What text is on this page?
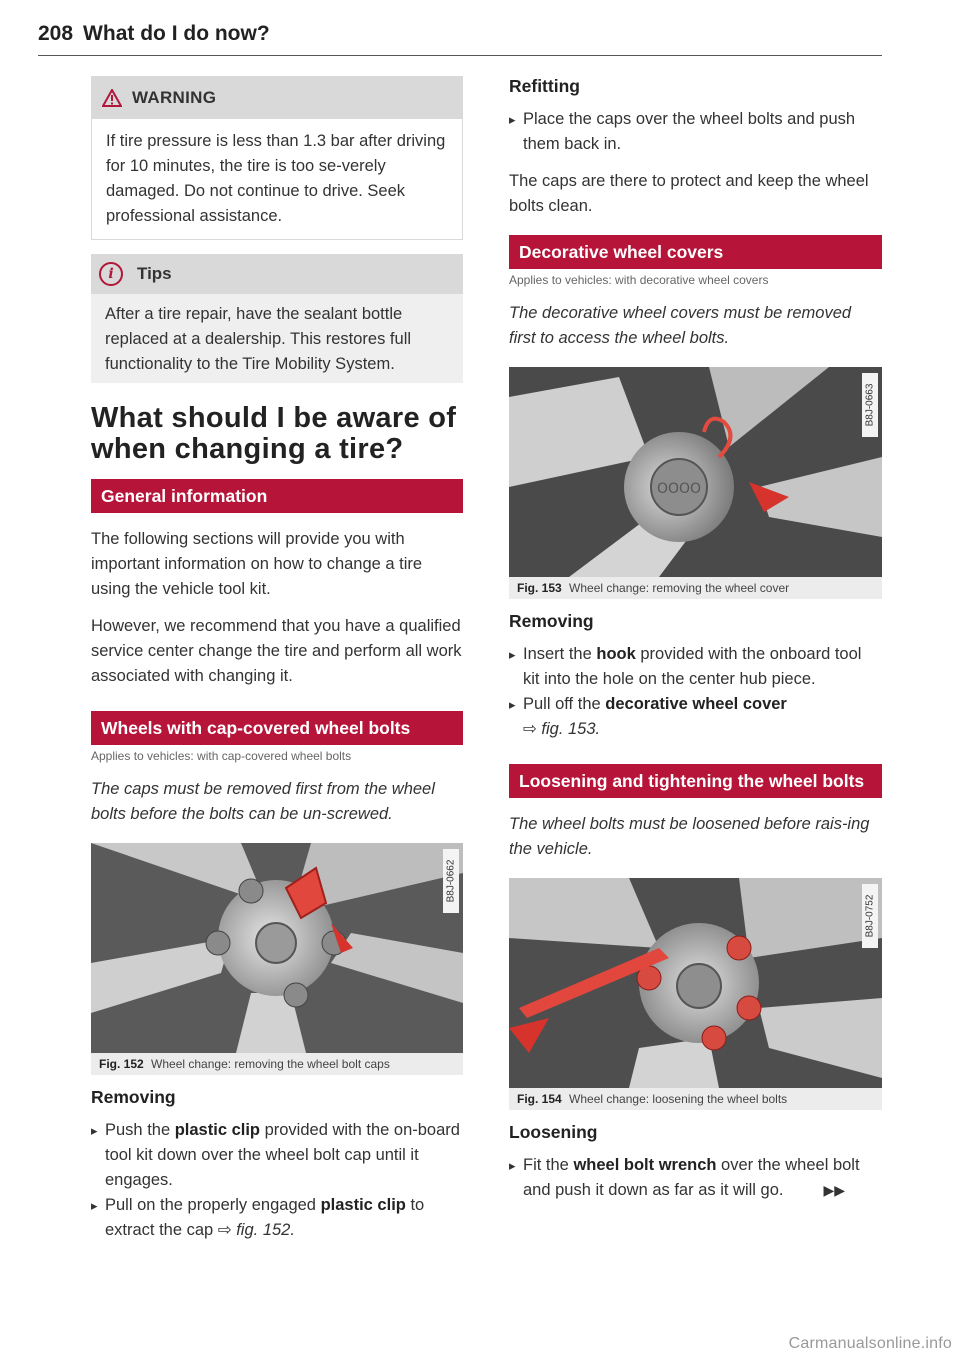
208 What do I do now?
WARNING
If tire pressure is less than 1.3 bar after driving for 10 minutes, the tire is too se-verely damaged. Do not continue to drive. Seek professional assistance.
i	Tips
After a tire repair, have the sealant bottle replaced at a dealership. This restores full functionality to the Tire Mobility System.
What should I be aware of when changing a tire?
General information

The following sections will provide you with important information on how to change a tire using the vehicle tool kit.

However, we recommend that you have a qualified service center change the tire and perform all work associated with changing it.

Wheels with cap-covered wheel bolts

Applies to vehicles: with cap-covered wheel bolts

The caps must be removed first from the wheel bolts before the bolts can be un-screwed.

B8J-0662
Fig. 152 Wheel change: removing the wheel bolt caps
Removing
▸ Push the plastic clip provided with the on-board tool kit down over the wheel bolt cap until it engages.
▸ Pull on the properly engaged plastic clip to extract the cap ⇨ fig. 152.
Refitting
▸ Place the caps over the wheel bolts and push them back in.

The caps are there to protect and keep the wheel bolts clean.

Decorative wheel covers

Applies to vehicles: with decorative wheel covers

The decorative wheel covers must be removed first to access the wheel bolts.

OOOO
B8J-0663
Fig. 153 Wheel change: removing the wheel cover
Removing
▸ Insert the hook provided with the onboard tool kit into the hole on the center hub piece.
▸ Pull off the decorative wheel cover
⇨ fig. 153.
Loosening and tightening the wheel bolts

The wheel bolts must be loosened before rais-ing the vehicle.

B8J-0752
Fig. 154 Wheel change: loosening the wheel bolts
Loosening
▸ Fit the wheel bolt wrench over the wheel bolt and push it down as far as it will go.	▶▶
Carmanualsonline.info
